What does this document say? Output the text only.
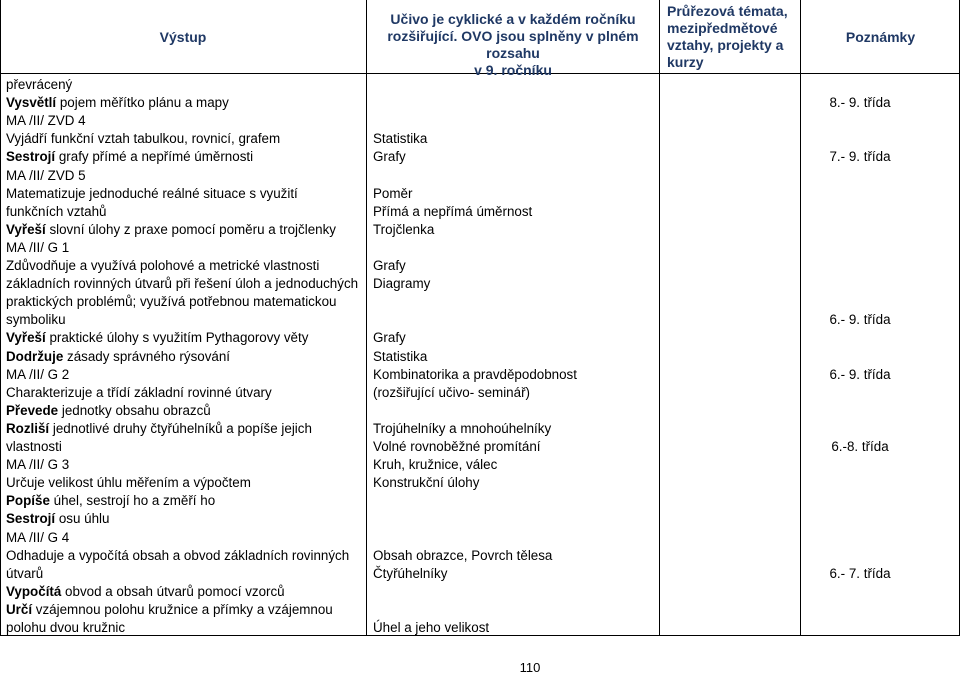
Výstup
Učivo je cyklické a v každém ročníku
rozšiřující. OVO jsou splněny v plném rozsahu
v 9. ročníku
Průřezová témata,
mezipředmětové
vztahy, projekty a
kurzy
Poznámky
převrácený
Vysvětlí pojem měřítko plánu a mapy
MA /II/ ZVD 4
Vyjádří funkční vztah tabulkou, rovnicí, grafem
Sestrojí grafy přímé a nepřímé úměrnosti
MA /II/ ZVD 5
Matematizuje jednoduché reálné situace s využití
funkčních vztahů
Vyřeší slovní úlohy z praxe pomocí poměru a trojčlenky
MA /II/ G 1
Zdůvodňuje a využívá polohové a metrické vlastnosti
základních rovinných útvarů při řešení úloh a jednoduchých
praktických problémů; využívá potřebnou matematickou
symboliku
Vyřeší praktické úlohy s využitím Pythagorovy věty
Dodržuje zásady správného rýsování
MA /II/ G 2
Charakterizuje a třídí základní rovinné útvary
Převede jednotky obsahu obrazců
Rozliší jednotlivé druhy čtyřúhelníků a popíše jejich
vlastnosti
MA /II/ G 3
Určuje velikost úhlu měřením a výpočtem
Popíše úhel, sestrojí ho a změří ho
Sestrojí osu úhlu
MA /II/ G 4
Odhaduje a vypočítá obsah a obvod základních rovinných
útvarů
Vypočítá obvod a obsah útvarů pomocí vzorců
Určí vzájemnou polohu kružnice a přímky a vzájemnou
polohu dvou kružnic
Statistika
Grafy
Poměr
Přímá a nepřímá úměrnost
Trojčlenka
Grafy
Diagramy
Grafy
Statistika
Kombinatorika a pravděpodobnost
(rozšiřující učivo- seminář)
Trojúhelníky a mnohoúhelníky
Volné rovnoběžné promítání
Kruh, kružnice, válec
Konstrukční úlohy
Obsah obrazce, Povrch tělesa
Čtyřúhelníky
Úhel a jeho velikost
8.- 9. třída
7.- 9. třída
6.- 9. třída
6.- 9. třída
6.-8. třída
6.- 7. třída
110
